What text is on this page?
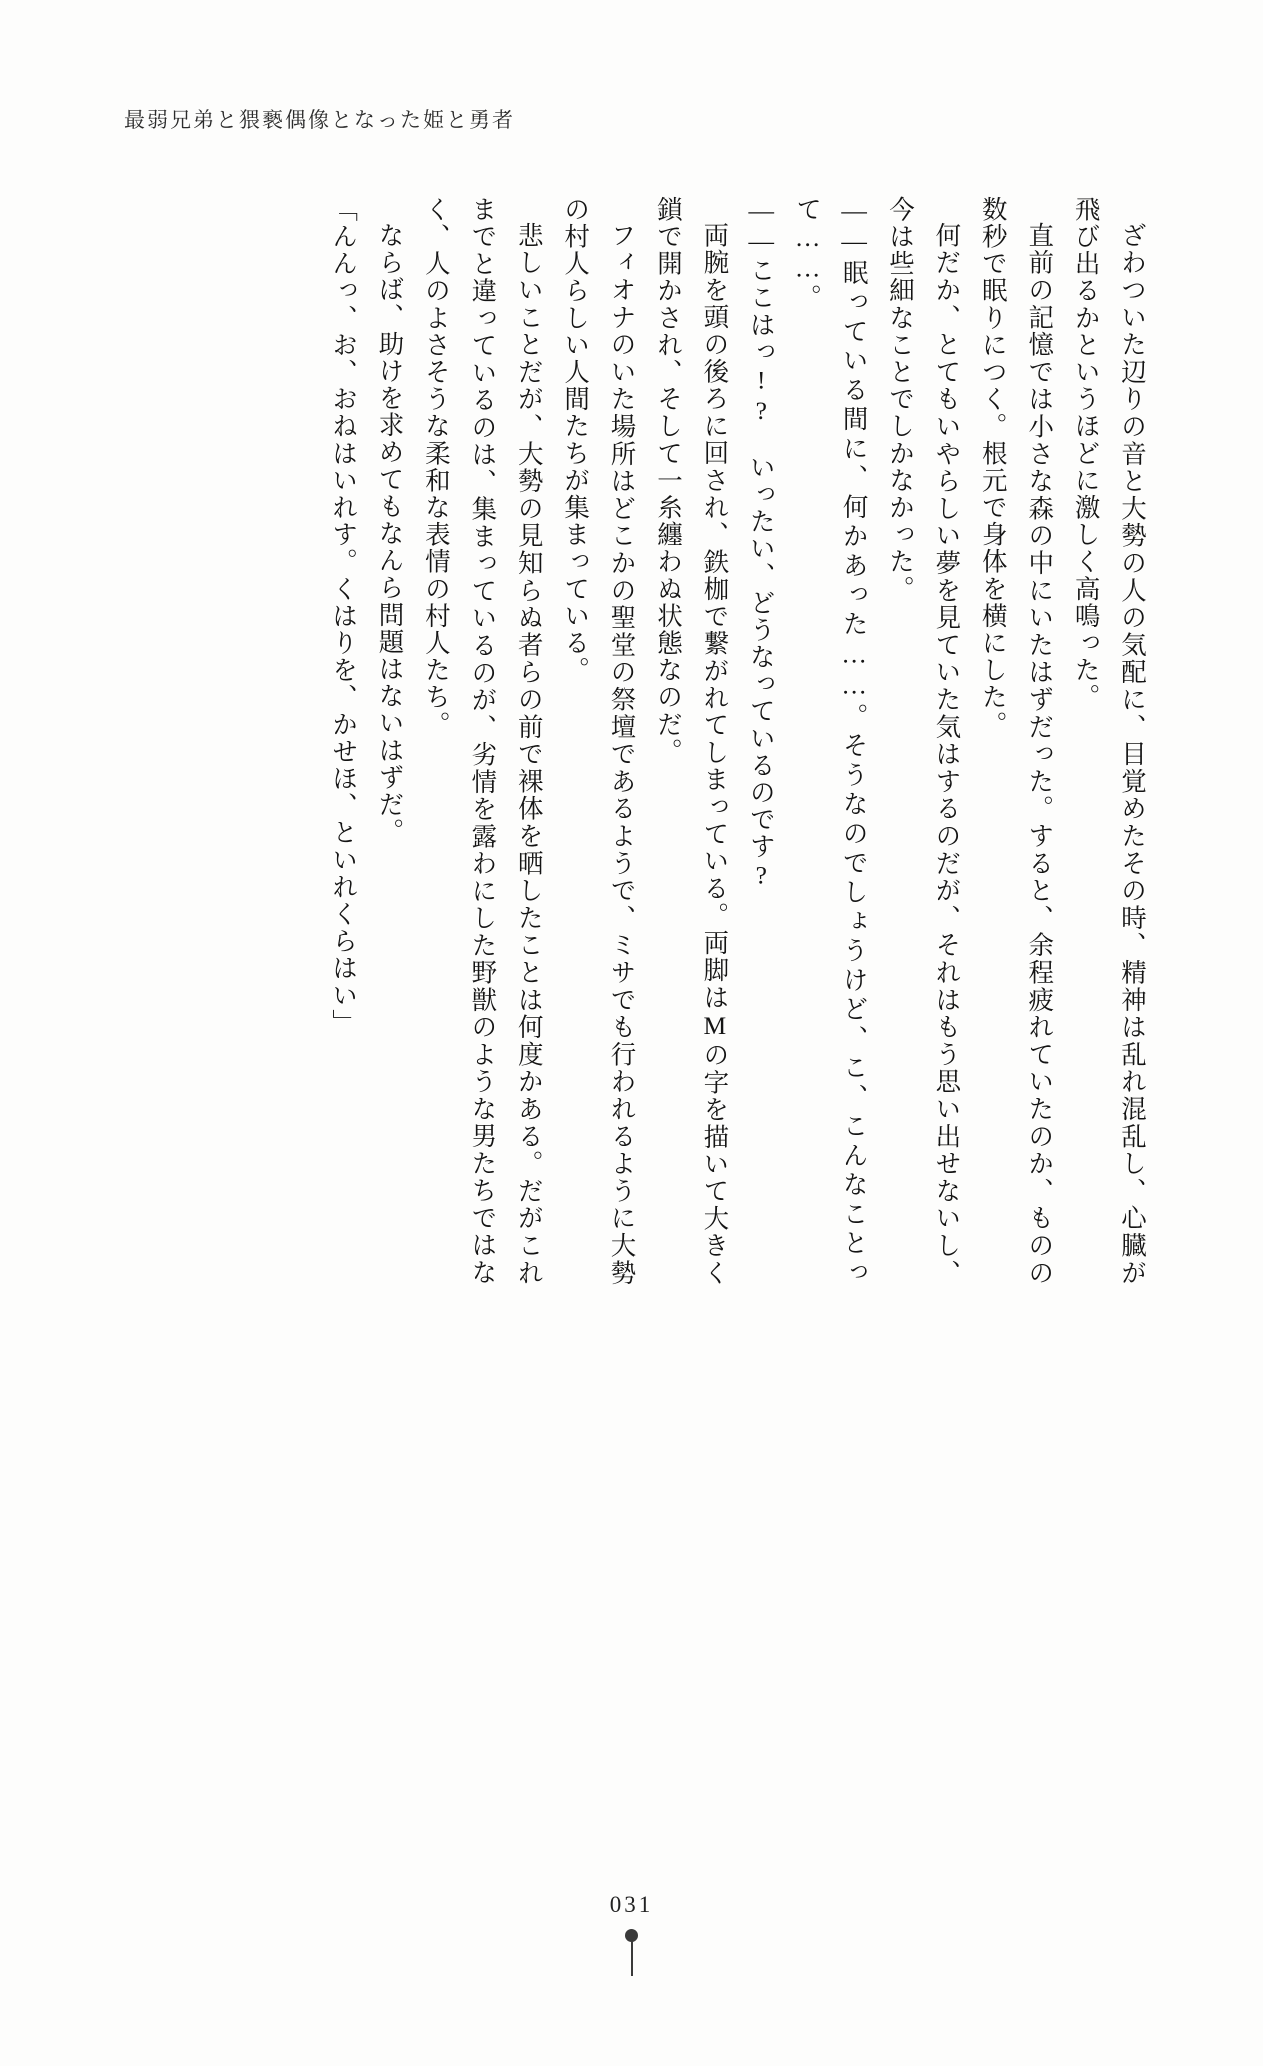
最弱兄弟と猥褻偶像となった姫と勇者

ざわついた辺りの音と大勢の人の気配に、目覚めたその時、精神は乱れ混乱し、心臓が飛び出るかというほどに激しく高鳴った。

直前の記憶では小さな森の中にいたはずだった。すると、余程疲れていたのか、ものの数秒で眠りにつく。根元で身体を横にした。

何だか、とてもいやらしい夢を見ていた気はするのだが、それはもう思い出せないし、今は些細なことでしかなかった。

――眠っている間に、何かあった……。そうなのでしょうけど、こ、こんなことって……。

――ここはっ!?　いったい、どうなっているのです?

両腕を頭の後ろに回され、鉄枷で繋がれてしまっている。両脚はMの字を描いて大きく鎖で開かされ、そして一糸纏わぬ状態なのだ。

フィオナのいた場所はどこかの聖堂の祭壇であるようで、ミサでも行われるように大勢の村人らしい人間たちが集まっている。

悲しいことだが、大勢の見知らぬ者らの前で裸体を晒したことは何度かある。だがこれまでと違っているのは、集まっているのが、劣情を露わにした野獣のような男たちではなく、人のよさそうな柔和な表情の村人たち。

ならば、助けを求めてもなんら問題はないはずだ。

「んんっ、お、おねはいれす。くはりを、かせほ、といれくらはい」

031
